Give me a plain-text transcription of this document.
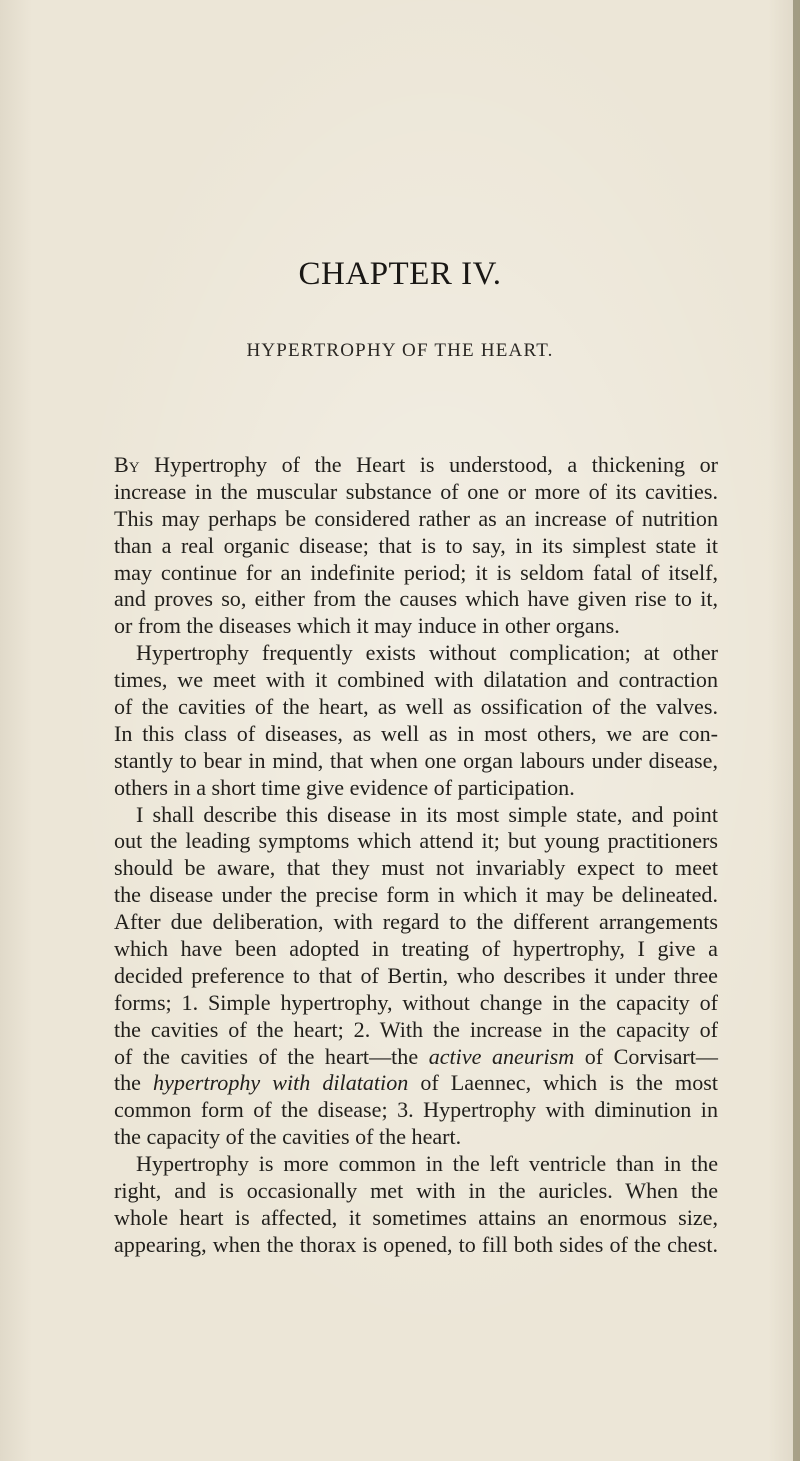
CHAPTER IV.
HYPERTROPHY OF THE HEART.
By Hypertrophy of the Heart is understood, a thickening or
increase in the muscular substance of one or more of its cavities.
This may perhaps be considered rather as an increase of nutrition
than a real organic disease; that is to say, in its simplest state it
may continue for an indefinite period; it is seldom fatal of itself,
and proves so, either from the causes which have given rise to it,
or from the diseases which it may induce in other organs.
Hypertrophy frequently exists without complication; at other
times, we meet with it combined with dilatation and contraction
of the cavities of the heart, as well as ossification of the valves.
In this class of diseases, as well as in most others, we are con-
stantly to bear in mind, that when one organ labours under disease,
others in a short time give evidence of participation.
I shall describe this disease in its most simple state, and point
out the leading symptoms which attend it; but young practitioners
should be aware, that they must not invariably expect to meet
the disease under the precise form in which it may be delineated.
After due deliberation, with regard to the different arrangements
which have been adopted in treating of hypertrophy, I give a
decided preference to that of Bertin, who describes it under three
forms; 1. Simple hypertrophy, without change in the capacity of
the cavities of the heart; 2. With the increase in the capacity of
of the cavities of the heart—the active aneurism of Corvisart—
the hypertrophy with dilatation of Laennec, which is the most
common form of the disease; 3. Hypertrophy with diminution in
the capacity of the cavities of the heart.
Hypertrophy is more common in the left ventricle than in the
right, and is occasionally met with in the auricles. When the
whole heart is affected, it sometimes attains an enormous size,
appearing, when the thorax is opened, to fill both sides of the chest.
